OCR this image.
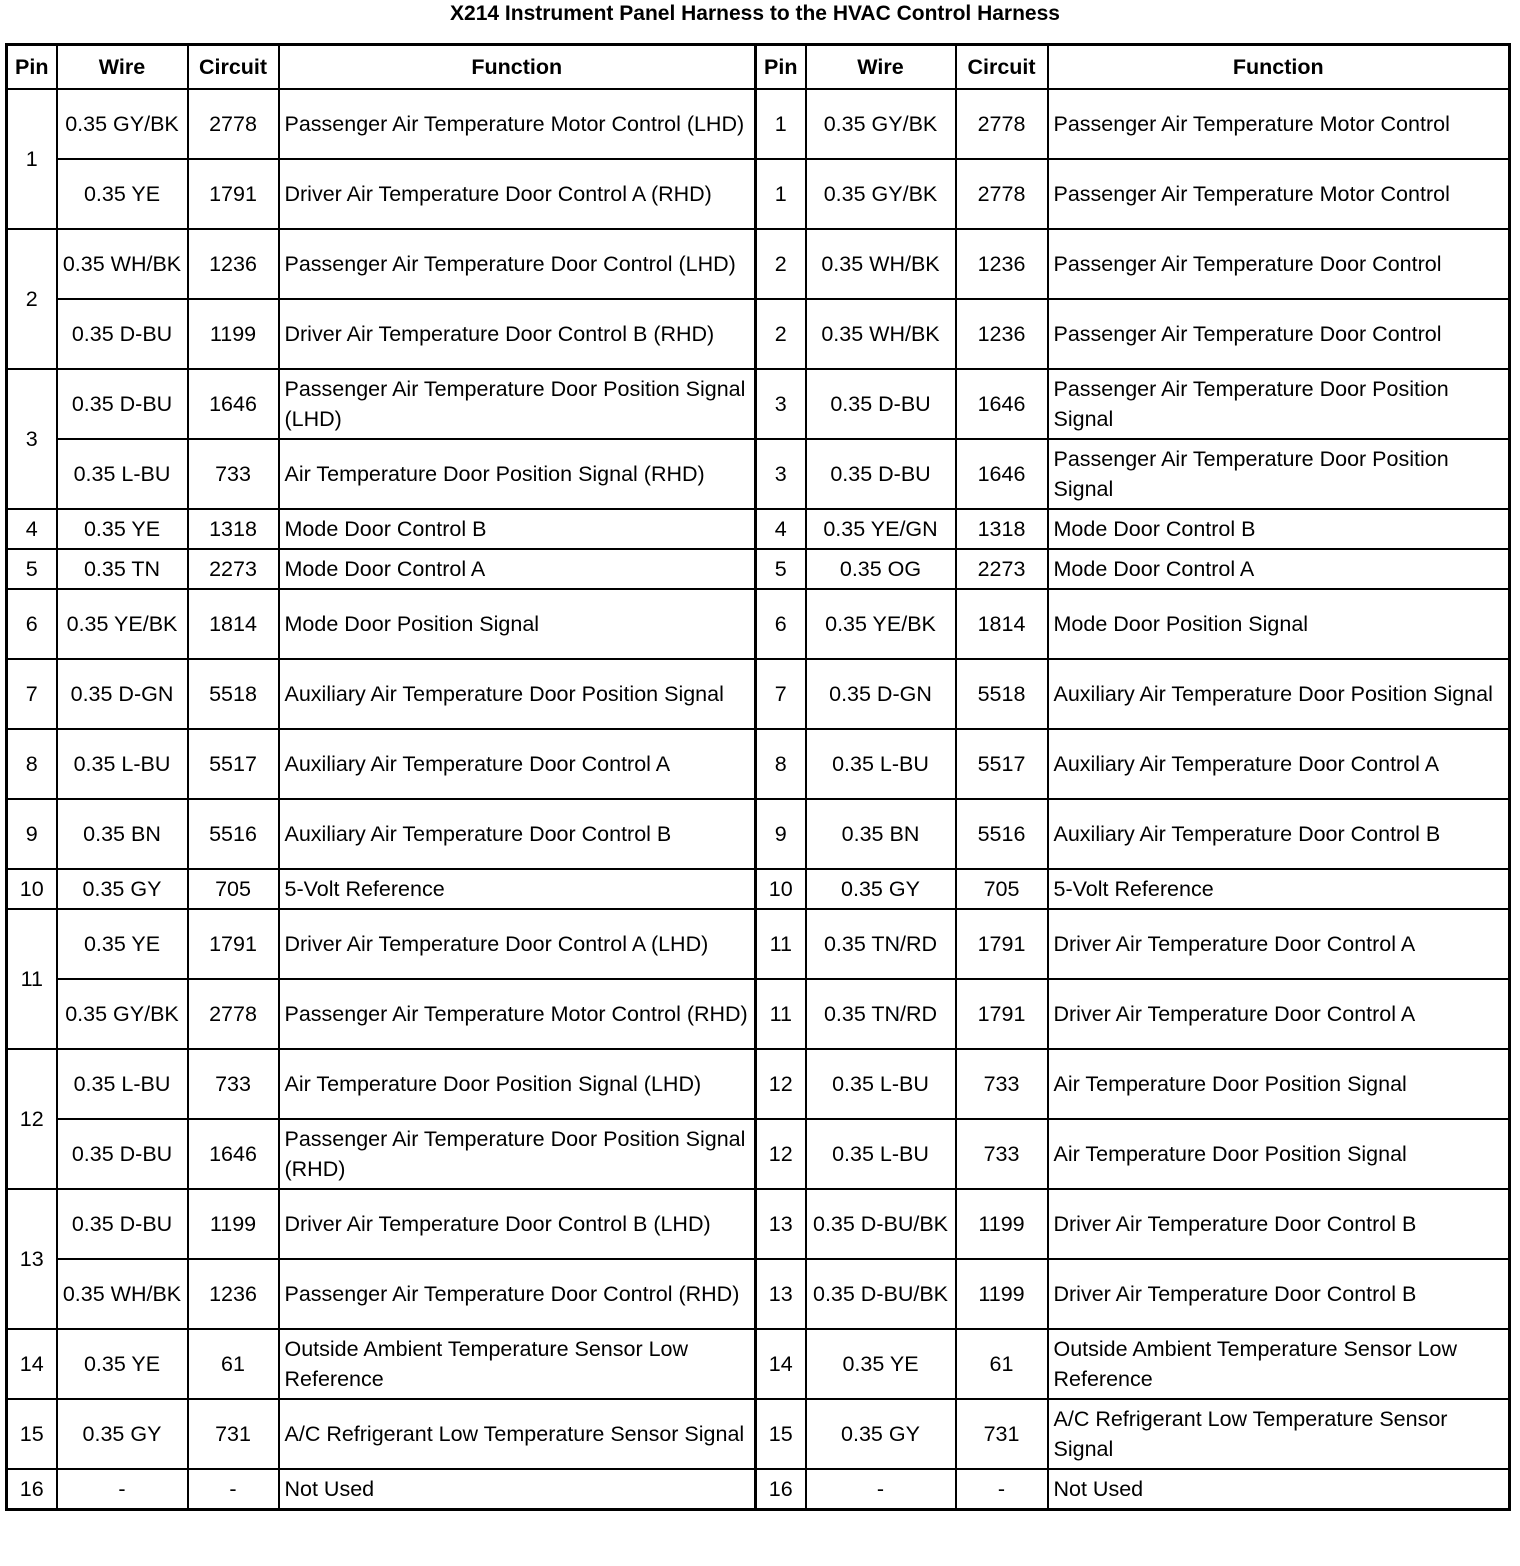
X214 Instrument Panel Harness to the HVAC Control Harness
Pin	Wire	Circuit	Function	Pin	Wire	Circuit	Function
1	0.35 GY/BK	2778	Passenger Air Temperature Motor Control (LHD)	1	0.35 GY/BK	2778	Passenger Air Temperature Motor Control
	0.35 YE	1791	Driver Air Temperature Door Control A (RHD)	1	0.35 GY/BK	2778	Passenger Air Temperature Motor Control
2	0.35 WH/BK	1236	Passenger Air Temperature Door Control (LHD)	2	0.35 WH/BK	1236	Passenger Air Temperature Door Control
	0.35 D-BU	1199	Driver Air Temperature Door Control B (RHD)	2	0.35 WH/BK	1236	Passenger Air Temperature Door Control
3	0.35 D-BU	1646	Passenger Air Temperature Door Position Signal (LHD)	3	0.35 D-BU	1646	Passenger Air Temperature Door Position Signal
	0.35 L-BU	733	Air Temperature Door Position Signal (RHD)	3	0.35 D-BU	1646	Passenger Air Temperature Door Position Signal
4	0.35 YE	1318	Mode Door Control B	4	0.35 YE/GN	1318	Mode Door Control B
5	0.35 TN	2273	Mode Door Control A	5	0.35 OG	2273	Mode Door Control A
6	0.35 YE/BK	1814	Mode Door Position Signal	6	0.35 YE/BK	1814	Mode Door Position Signal
7	0.35 D-GN	5518	Auxiliary Air Temperature Door Position Signal	7	0.35 D-GN	5518	Auxiliary Air Temperature Door Position Signal
8	0.35 L-BU	5517	Auxiliary Air Temperature Door Control A	8	0.35 L-BU	5517	Auxiliary Air Temperature Door Control A
9	0.35 BN	5516	Auxiliary Air Temperature Door Control B	9	0.35 BN	5516	Auxiliary Air Temperature Door Control B
10	0.35 GY	705	5-Volt Reference	10	0.35 GY	705	5-Volt Reference
11	0.35 YE	1791	Driver Air Temperature Door Control A (LHD)	11	0.35 TN/RD	1791	Driver Air Temperature Door Control A
	0.35 GY/BK	2778	Passenger Air Temperature Motor Control (RHD)	11	0.35 TN/RD	1791	Driver Air Temperature Door Control A
12	0.35 L-BU	733	Air Temperature Door Position Signal (LHD)	12	0.35 L-BU	733	Air Temperature Door Position Signal
	0.35 D-BU	1646	Passenger Air Temperature Door Position Signal (RHD)	12	0.35 L-BU	733	Air Temperature Door Position Signal
13	0.35 D-BU	1199	Driver Air Temperature Door Control B (LHD)	13	0.35 D-BU/BK	1199	Driver Air Temperature Door Control B
	0.35 WH/BK	1236	Passenger Air Temperature Door Control (RHD)	13	0.35 D-BU/BK	1199	Driver Air Temperature Door Control B
14	0.35 YE	61	Outside Ambient Temperature Sensor Low Reference	14	0.35 YE	61	Outside Ambient Temperature Sensor Low Reference
15	0.35 GY	731	A/C Refrigerant Low Temperature Sensor Signal	15	0.35 GY	731	A/C Refrigerant Low Temperature Sensor Signal
16	-	-	Not Used	16	-	-	Not Used
